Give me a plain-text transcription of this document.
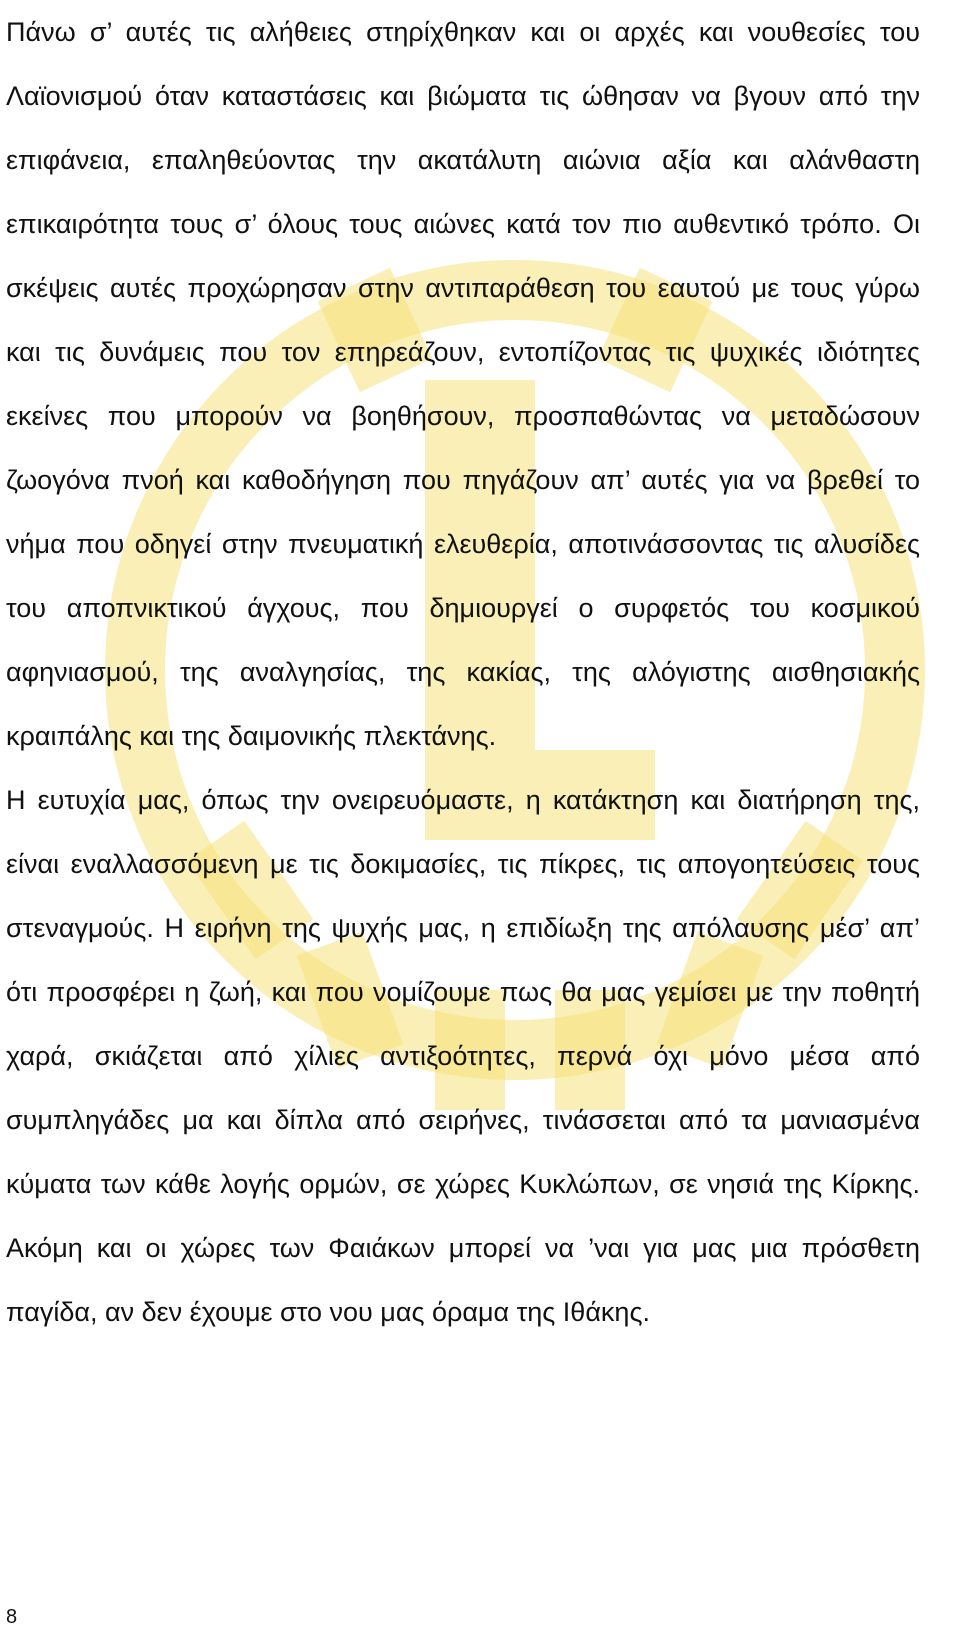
Πάνω σ’ αυτές τις αλήθειες στηρίχθηκαν και οι αρχές και νουθεσίες του Λαϊονισμού όταν καταστάσεις και βιώματα τις ώθησαν να βγουν από την επιφάνεια, επαληθεύοντας την ακατάλυτη αιώνια αξία και αλάνθαστη επικαιρότητα τους σ’ όλους τους αιώνες κατά τον πιο αυθεντικό τρόπο. Οι σκέψεις αυτές προχώρησαν στην αντιπαράθεση του εαυτού με τους γύρω και τις δυνάμεις που τον επηρεάζουν, εντοπίζοντας τις ψυχικές ιδιότητες εκείνες που μπορούν να βοηθήσουν, προσπαθώντας να μεταδώσουν ζωογόνα πνοή και καθοδήγηση που πηγάζουν απ’ αυτές για να βρεθεί το νήμα που οδηγεί στην πνευματική ελευθερία, αποτινάσσοντας τις αλυσίδες του αποπνικτικού άγχους, που δημιουργεί ο συρφετός του κοσμικού αφηνιασμού, της αναλγησίας, της κακίας, της αλόγιστης αισθησιακής κραιπάλης και της δαιμονικής πλεκτάνης.

Η ευτυχία μας, όπως την ονειρευόμαστε, η κατάκτηση και διατήρηση της, είναι εναλλασσόμενη με τις δοκιμασίες, τις πίκρες, τις απογοητεύσεις τους στεναγμούς. Η ειρήνη της ψυχής μας, η επιδίωξη της απόλαυσης μέσ’ απ’ ότι προσφέρει η ζωή, και που νομίζουμε πως θα μας γεμίσει με την ποθητή χαρά, σκιάζεται από χίλιες αντιξοότητες, περνά όχι μόνο μέσα από συμπληγάδες μα και δίπλα από σειρήνες, τινάσσεται από τα μανιασμένα κύματα των κάθε λογής ορμών, σε χώρες Κυκλώπων, σε νησιά της Κίρκης. Ακόμη και οι χώρες των Φαιάκων μπορεί να ’ναι για μας μια πρόσθετη παγίδα, αν δεν έχουμε στο νου μας όραμα της Ιθάκης.

8
